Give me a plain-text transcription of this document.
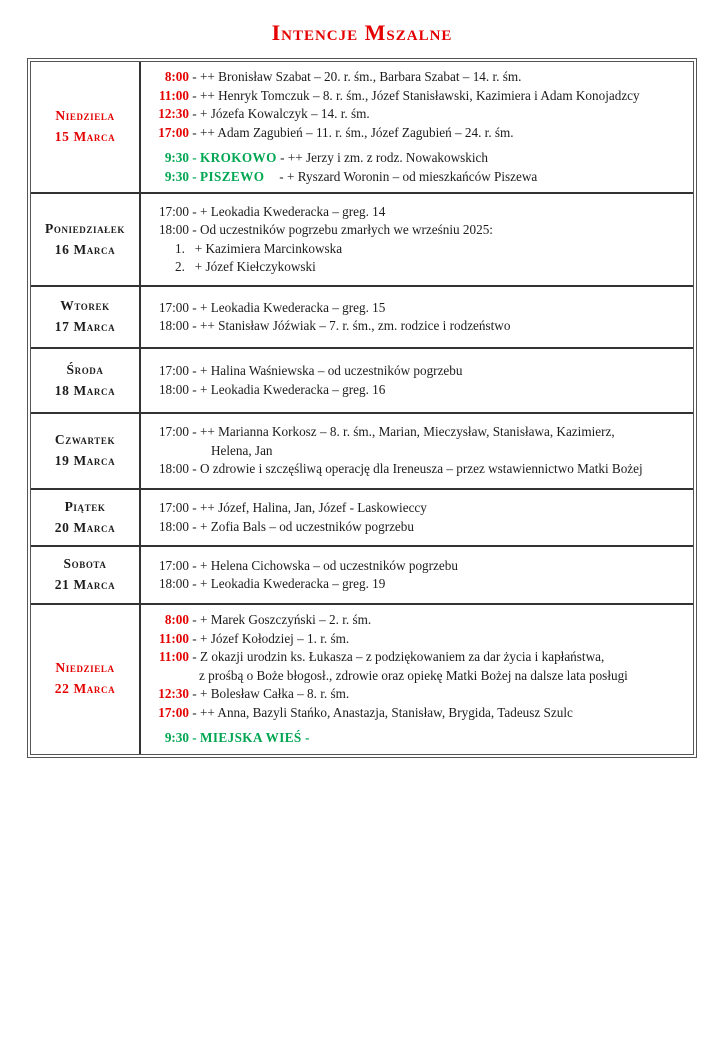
Intencje Mszalne
Niedziela
15 Marca
8:00 - ++ Bronisław Szabat – 20. r. śm., Barbara Szabat – 14. r. śm.
11:00 - ++ Henryk Tomczuk – 8. r. śm., Józef Stanisławski, Kazimiera i Adam Konojadzcy
12:30 - + Józefa Kowalczyk – 14. r. śm.
17:00 - ++ Adam Zagubień – 11. r. śm., Józef Zagubień – 24. r. śm.
9:30 - KROKOWO - ++ Jerzy i zm. z rodz. Nowakowskich
9:30 - PISZEWO - + Ryszard Woronin – od mieszkańców Piszewa
Poniedziałek
16 Marca
17:00 - + Leokadia Kwederacka – greg. 14
18:00 - Od uczestników pogrzebu zmarłych we wrześniu 2025:
1.   + Kazimiera Marcinkowska
2.   + Józef Kiełczykowski
Wtorek
17 Marca
17:00 - + Leokadia Kwederacka – greg. 15
18:00 - ++ Stanisław Jóźwiak – 7. r. śm., zm. rodzice i rodzeństwo
Środa
18 Marca
17:00 - + Halina Waśniewska – od uczestników pogrzebu
18:00 - + Leokadia Kwederacka – greg. 16
Czwartek
19 Marca
17:00 - ++ Marianna Korkosz – 8. r. śm., Marian, Mieczysław, Stanisława, Kazimierz,
Helena, Jan
18:00 - O zdrowie i szczęśliwą operację dla Ireneusza – przez wstawiennictwo Matki Bożej
Piątek
20 Marca
17:00 - ++ Józef, Halina, Jan, Józef - Laskowieccy
18:00 - + Zofia Bals – od uczestników pogrzebu
Sobota
21 Marca
17:00 - + Helena Cichowska – od uczestników pogrzebu
18:00 - + Leokadia Kwederacka – greg. 19
Niedziela
22 Marca
8:00 - + Marek Goszczyński – 2. r. śm.
11:00 - + Józef Kołodziej – 1. r. śm.
11:00 - Z okazji urodzin ks. Łukasza – z podziękowaniem za dar życia i kapłaństwa,
z prośbą o Boże błogosł., zdrowie oraz opiekę Matki Bożej na dalsze lata posługi
12:30 - + Bolesław Całka – 8. r. śm.
17:00 - ++ Anna, Bazyli Stańko, Anastazja, Stanisław, Brygida, Tadeusz Szulc
9:30 - MIEJSKA WIEŚ -
